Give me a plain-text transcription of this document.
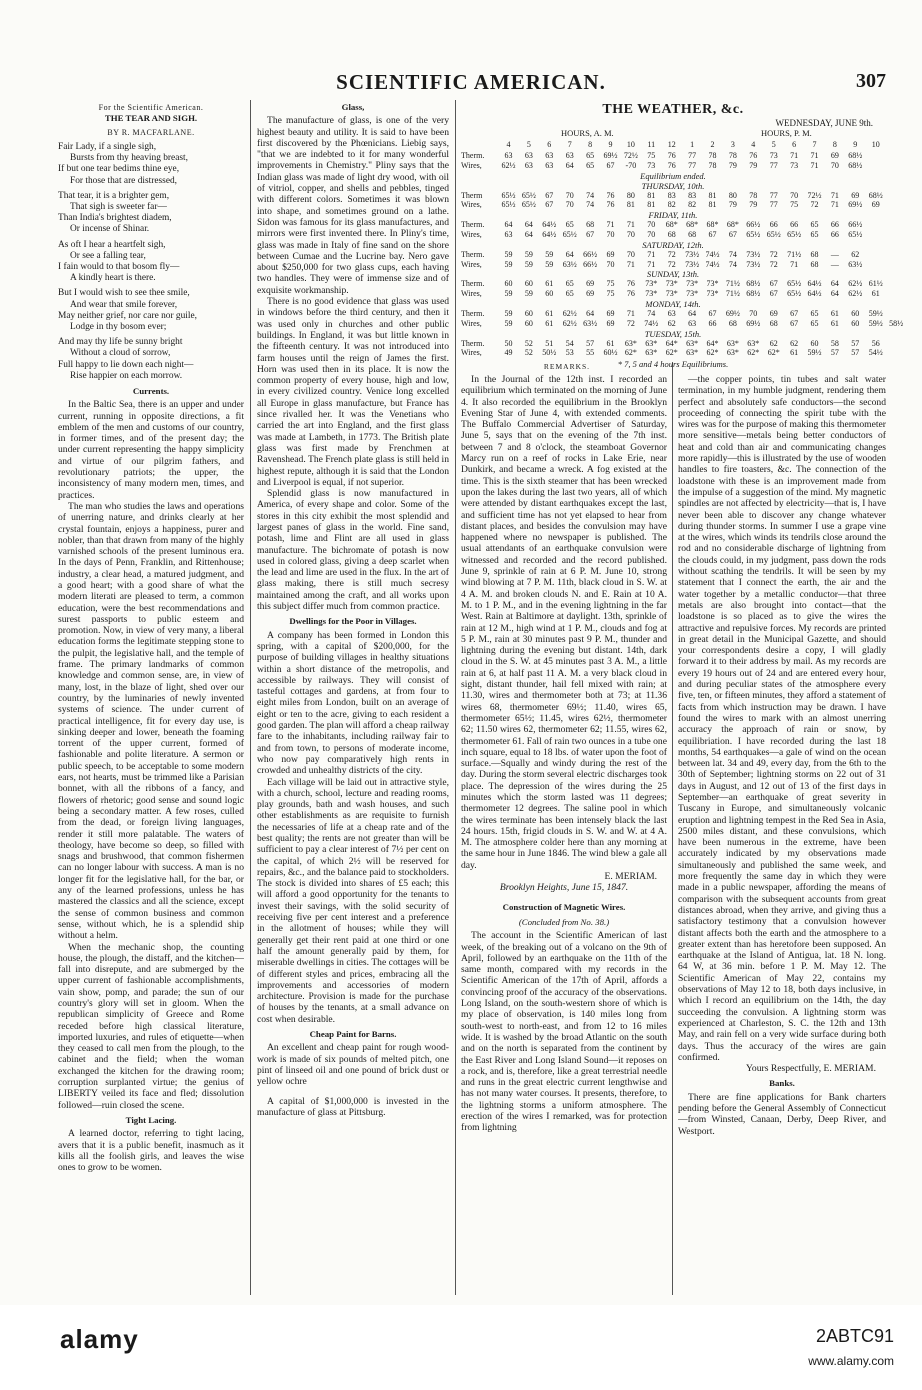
SCIENTIFIC AMERICAN.	307
For the Scientific American.
THE TEAR AND SIGH.
BY R. MACFARLANE.
Fair Lady, if a single sigh,
Bursts from thy heaving breast,
If but one tear bedims thine eye,
For those that are distressed,
That tear, it is a brighter gem,
That sigh is sweeter far—
Than India's brightest diadem,
Or incense of Shinar.
As oft I hear a heartfelt sigh,
Or see a falling tear,
I fain would to that bosom fly—
A kindly heart is there.
But I would wish to see thee smile,
And wear that smile forever,
May neither grief, nor care nor guile,
Lodge in thy bosom ever;
And may thy life be sunny bright
Without a cloud of sorrow,
Full happy to lie down each night—
Rise happier on each morrow.
Currents.

In the Baltic Sea, there is an upper and under current, running in opposite directions, a fit emblem of the men and customs of our country, in former times, and of the present day; the under current representing the happy simplicity and virtue of our pilgrim fathers, and revolutionary patriots; the upper, the inconsistency of many modern men, times, and practices.

The man who studies the laws and operations of unerring nature, and drinks clearly at her crystal fountain, enjoys a happiness, purer and nobler, than that drawn from many of the highly varnished schools of the present luminous era. In the days of Penn, Franklin, and Rittenhouse; industry, a clear head, a matured judgment, and a good heart; with a good share of what the modern literati are pleased to term, a common education, were the best recommendations and surest passports to public esteem and promotion. Now, in view of very many, a liberal education forms the legitimate stepping stone to the pulpit, the legislative hall, and the temple of frame. The primary landmarks of common knowledge and common sense, are, in view of many, lost, in the blaze of light, shed over our country, by the luminaries of newly invented systems of science. The under current of practical intelligence, fit for every day use, is sinking deeper and lower, beneath the foaming torrent of the upper current, formed of fashionable and polite literature. A sermon or public speech, to be acceptable to some modern ears, not hearts, must be trimmed like a Parisian bonnet, with all the ribbons of a fancy, and flowers of rhetoric; good sense and sound logic being a secondary matter. A few roses, culled from the dead, or foreign living languages, render it still more palatable. The waters of theology, have become so deep, so filled with snags and brushwood, that common fishermen can no longer labour with success. A man is no longer fit for the legislative hall, for the bar, or any of the learned professions, unless he has mastered the classics and all the science, except the sense of common business and common sense, without which, he is a splendid ship without a helm.

When the mechanic shop, the counting house, the plough, the distaff, and the kitchen—fall into disrepute, and are submerged by the upper current of fashionable accomplishments, vain show, pomp, and parade; the sun of our country's glory will set in gloom. When the republican simplicity of Greece and Rome receded before high classical literature, imported luxuries, and rules of etiquette—when they ceased to call men from the plough, to the cabinet and the field; when the woman exchanged the kitchen for the drawing room; corruption surplanted virtue; the genius of LIBERTY veiled its face and fled; dissolution followed—ruin closed the scene.

Tight Lacing.

A learned doctor, referring to tight lacing, avers that it is a public benefit, inasmuch as it kills all the foolish girls, and leaves the wise ones to grow to be women.

Glass,

The manufacture of glass, is one of the very highest beauty and utility. It is said to have been first discovered by the Phœnicians. Liebig says, "that we are indebted to it for many wonderful improvements in Chemistry." Pliny says that the Indian glass was made of light dry wood, with oil of vitriol, copper, and shells and pebbles, tinged with different colors. Sometimes it was blown into shape, and sometimes ground on a lathe. Sidon was famous for its glass manufactures, and mirrors were first invented there. In Pliny's time, glass was made in Italy of fine sand on the shore between Cumae and the Lucrine bay. Nero gave about $250,000 for two glass cups, each having two handles. They were of immense size and of exquisite workmanship.

There is no good evidence that glass was used in windows before the third century, and then it was used only in churches and other public buildings. In England, it was but little known in the fifteenth century. It was not introduced into farm houses until the reign of James the first. Horn was used then in its place. It is now the common property of every house, high and low, in every civilized country. Venice long excelled all Europe in glass manufacture, but France has since rivalled her. It was the Venetians who carried the art into England, and the first glass was made at Lambeth, in 1773. The British plate glass was first made by Frenchmen at Ravenshead. The French plate glass is still held in highest repute, although it is said that the London and Liverpool is equal, if not superior.

Splendid glass is now manufactured in America, of every shape and color. Some of the stores in this city exhibit the most splendid and largest panes of glass in the world. Fine sand, potash, lime and Flint are all used in glass manufacture. The bichromate of potash is now used in colored glass, giving a deep scarlet when the lead and lime are used in the flux. In the art of glass making, there is still much secresy maintained among the craft, and all works upon this subject differ much from common practice.

Dwellings for the Poor in Villages.

A company has been formed in London this spring, with a capital of $200,000, for the purpose of building villages in healthy situations within a short distance of the metropolis, and accessible by railways. They will consist of tasteful cottages and gardens, at from four to eight miles from London, built on an average of eight or ten to the acre, giving to each resident a good garden. The plan will afford a cheap railway fare to the inhabitants, including railway fair to and from town, to persons of moderate income, who now pay comparatively high rents in crowded and unhealthy districts of the city.

Each village will be laid out in attractive style, with a church, school, lecture and reading rooms, play grounds, bath and wash houses, and such other establishments as are requisite to furnish the necessaries of life at a cheap rate and of the best quality; the rents are not greater than will be sufficient to pay a clear interest of 7½ per cent on the capital, of which 2½ will be reserved for repairs, &c., and the balance paid to stockholders. The stock is divided into shares of £5 each; this will afford a good opportunity for the tenants to invest their savings, with the solid security of receiving five per cent interest and a preference in the allotment of houses; while they will generally get their rent paid at one third or one half the amount generally paid by them, for miserable dwellings in cities. The cottages will be of different styles and prices, embracing all the improvements and accessories of modern architecture. Provision is made for the purchase of houses by the tenants, at a small advance on cost when desirable.

Cheap Paint for Barns.

An excellent and cheap paint for rough wood-work is made of six pounds of melted pitch, one pint of linseed oil and one pound of brick dust or yellow ochre

A capital of $1,000,000 is invested in the manufacture of glass at Pittsburg.

THE WEATHER, &c.
WEDNESDAY, JUNE 9th.
HOURS, A. M.	HOURS, P. M.
4	5	6	7	8	9	10	11	12	1	2	3	4	5	6	7	8	9	10
Therm.	63	63	63	63	65	69½ 72½	75	76	77	78	78	76	73	71	71	69	68½
Wires,	62½	63	63	64	65	67	-70	73	76	77	78	79	79	77	73	71	70	68½
Equilibrium ended.
THURSDAY, 10th.
Therm	65½ 65½	67	70	74	76	80	81	83	83	81	80	78	77	70	72½	71	69	68½
Wires,	65½ 65½	67	70	74	76	81	81	82	82	81	79	79	77	75	72	71	69½	69
FRIDAY, 11th.
Therm.	64	64	64½	65	68	71	71	70	68* 68* 68* 68* 66½	66	66	65	66	66½
Wires,	63	64	64½ 65½	67	70	70	70	68	68	67	67	65½ 65½ 65½	65	66	65½
SATURDAY, 12th.
Therm.	59	59	59	64	66½	69	70	71	72	73½ 74½	74	73½	72	71½	68	—	62
Wires,	59	59	59	63½ 66½	70	71	71	72	73½ 74½	74	73½	72	71	68	—	63½
SUNDAY, 13th.
Therm.	60	60	61	65	69	75	76	73* 73* 73* 73* 71½ 68½	67	65½ 64½	64	62½ 61½
Wires,	59	59	60	65	69	75	76	73* 73* 73* 73* 71½ 68½	67	65½ 64½	64	62½	61
MONDAY, 14th.
Therm.	59	60	61	62½	64	69	71	74	63	64	67	69½	70	69	67	65	61	60	59½
Wires,	59	60	61	62½ 63½	69	72	74½	62	63	66	68	69½	68	67	65	61	60	59½ 58½
TUESDAY, 15th.
Therm.	50	52	51	54	57	61	63* 63* 64* 63* 64* 63* 63*	62	62	60	58	57	56
Wires,	49	52	50½	53	55	60½ 62* 63* 62* 63* 62* 63* 62* 62*	61	59½	57	57	54½
* 7, 5 and 4 hours Equilibriums.
REMARKS.

In the Journal of the 12th inst. I recorded an equilibrium which terminated on the morning of June 4. It also recorded the equilibrium in the Brooklyn Evening Star of June 4, with extended comments. The Buffalo Commercial Advertiser of Saturday, June 5, says that on the evening of the 7th inst. between 7 and 8 o'clock, the steamboat Governor Marcy run on a reef of rocks in Lake Erie, near Dunkirk, and became a wreck. A fog existed at the time. This is the sixth steamer that has been wrecked upon the lakes during the last two years, all of which were attended by distant earthquakes except the last, and sufficient time has not yet elapsed to hear from distant places, and besides the convulsion may have happened where no newspaper is published. The usual attendants of an earthquake convulsion were witnessed and recorded and the record published. June 9, sprinkle of rain at 6 P. M. June 10, strong wind blowing at 7 P. M. 11th, black cloud in S. W. at 4 A. M. and broken clouds N. and E. Rain at 10 A. M. to 1 P. M., and in the evening lightning in the far West. Rain at Baltimore at daylight. 13th, sprinkle of rain at 12 M., high wind at 1 P. M., clouds and fog at 5 P. M., rain at 30 minutes past 9 P. M., thunder and lightning during the evening but distant. 14th, dark cloud in the S. W. at 45 minutes past 3 A. M., a little rain at 6, at half past 11 A. M. a very black cloud in sight, distant thunder, hail fell mixed with rain; at 11.30, wires and thermometer both at 73; at 11.36 wires 68, thermometer 69½; 11.40, wires 65, thermometer 65½; 11.45, wires 62½, thermometer 62; 11.50 wires 62, thermometer 62; 11.55, wires 62, thermometer 61. Fall of rain two ounces in a tube one inch square, equal to 18 lbs. of water upon the foot of surface.—Squally and windy during the rest of the day. During the storm several electric discharges took place. The depression of the wires during the 25 minutes which the storm lasted was 11 degrees; thermometer 12 degrees. The saline pool in which the wires terminate has been intensely black the last 24 hours. 15th, frigid clouds in S. W. and W. at 4 A. M. The atmosphere colder here than any morning at the same hour in June 1846. The wind blew a gale all day.

E. MERIAM.

Brooklyn Heights, June 15, 1847.

Construction of Magnetic Wires.
(Concluded from No. 38.)

The account in the Scientific American of last week, of the breaking out of a volcano on the 9th of April, followed by an earthquake on the 11th of the same month, compared with my records in the Scientific American of the 17th of April, affords a convincing proof of the accuracy of the observations. Long Island, on the south-western shore of which is my place of observation, is 140 miles long from south-west to north-east, and from 12 to 16 miles wide. It is washed by the broad Atlantic on the south and on the north is separated from the continent by the East River and Long Island Sound—it reposes on a rock, and is, therefore, like a great terrestrial needle and runs in the great electric current lengthwise and has not many water courses. It presents, therefore, to the lightning storms a uniform atmosphere. The erection of the wires I remarked, was for protection from lightning

—the copper points, tin tubes and salt water termination, in my humble judgment, rendering them perfect and absolutely safe conductors—the second proceeding of connecting the spirit tube with the wires was for the purpose of making this thermometer more sensitive—metals being better conductors of heat and cold than air and communicating changes more rapidly—this is illustrated by the use of wooden handles to fire toasters, &c. The connection of the loadstone with these is an improvement made from the impulse of a suggestion of the mind. My magnetic spindles are not affected by electricity—that is, I have never been able to discover any change whatever during thunder storms. In summer I use a grape vine at the wires, which winds its tendrils close around the rod and no considerable discharge of lightning from the clouds could, in my judgment, pass down the rods without scathing the tendrils. It will be seen by my statement that I connect the earth, the air and the water together by a metallic conductor—that three metals are also brought into contact—that the loadstone is so placed as to give the wires the attractive and repulsive forces. My records are printed in great detail in the Municipal Gazette, and should your correspondents desire a copy, I will gladly forward it to their address by mail. As my records are every 19 hours out of 24 and are entered every hour, and during peculiar states of the atmosphere every five, ten, or fifteen minutes, they afford a statement of facts from which instruction may be drawn. I have found the wires to mark with an almost unerring accuracy the approach of rain or snow, by equilibriation. I have recorded during the last 18 months, 54 earthquakes—a gale of wind on the ocean between lat. 34 and 49, every day, from the 6th to the 30th of September; lightning storms on 22 out of 31 days in August, and 12 out of 13 of the first days in September—an earthquake of great severity in Tuscany in Europe, and simultaneously volcanic eruption and lightning tempest in the Red Sea in Asia, 2500 miles distant, and these convulsions, which have been numerous in the extreme, have been accurately indicated by my observations made simultaneously and published the same week, and more frequently the same day in which they were made in a public newspaper, affording the means of comparison with the subsequent accounts from great distances abroad, when they arrive, and giving thus a satisfactory testimony that a convulsion however distant affects both the earth and the atmosphere to a greater extent than has heretofore been supposed. An earthquake at the Island of Antigua, lat. 18 N. long. 64 W, at 36 min. before 1 P. M. May 12. The Scientific American of May 22, contains my observations of May 12 to 18, both days inclusive, in which I record an equilibrium on the 14th, the day succeeding the convulsion. A lightning storm was experienced at Charleston, S. C. the 12th and 13th May, and rain fell on a very wide surface during both days. Thus the accuracy of the wires are gain confirmed.

Yours Respectfully, E. MERIAM.

Banks.

There are fine applications for Bank charters pending before the General Assembly of Connecticut—from Winsted, Canaan, Derby, Deep River, and Westport.

alamy	2ABTC91
www.alamy.com
